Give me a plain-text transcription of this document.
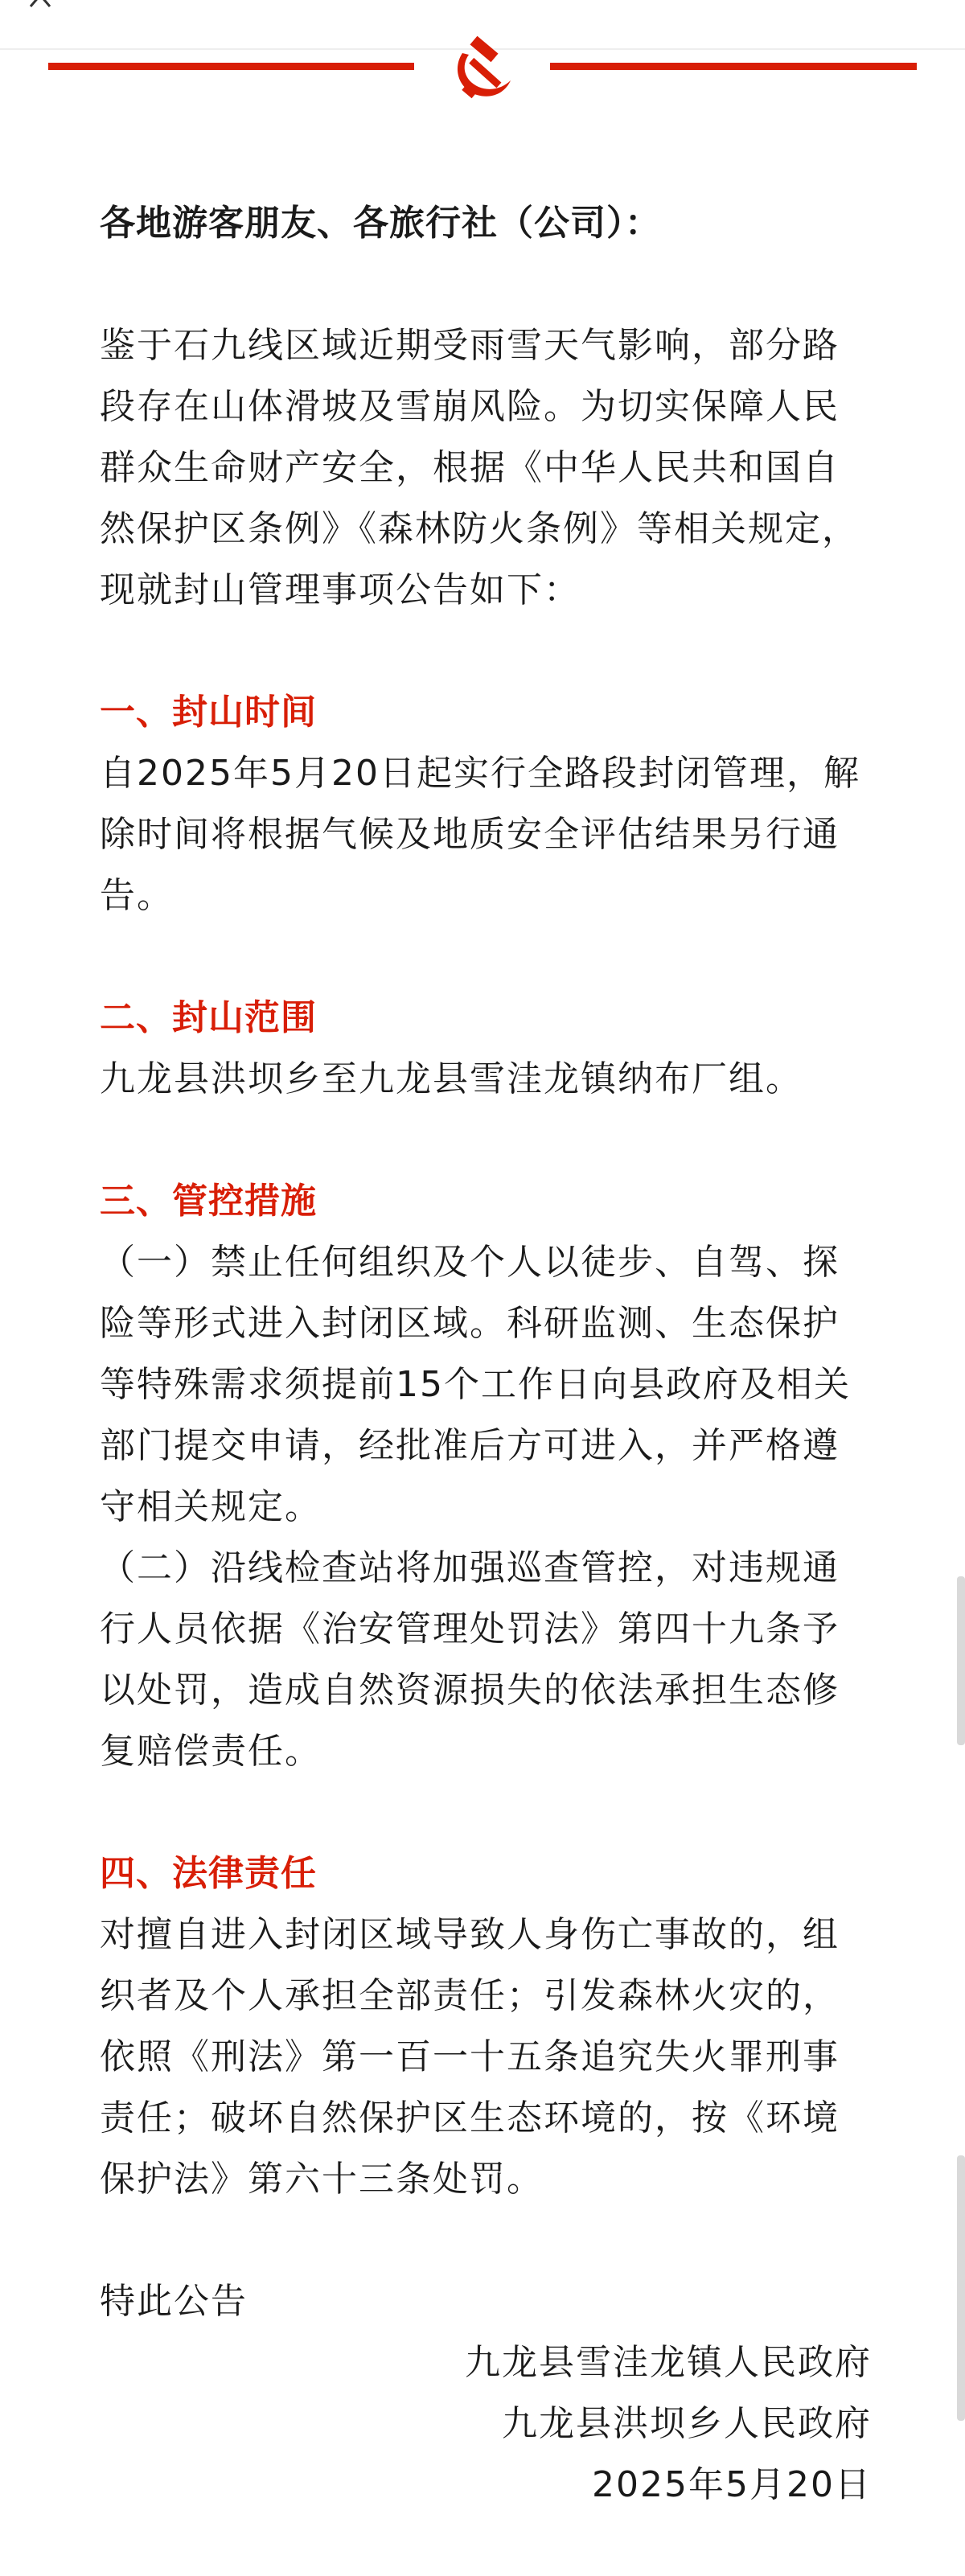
各地游客朋友、各旅行社（公司）：

鉴于石九线区域近期受雨雪天气影响，部分路段存在山体滑坡及雪崩风险。为切实保障人民群众生命财产安全，根据《中华人民共和国自然保护区条例》《森林防火条例》等相关规定，现就封山管理事项公告如下：

一、封山时间

自2025年5月20日起实行全路段封闭管理，解除时间将根据气候及地质安全评估结果另行通告。

二、封山范围

九龙县洪坝乡至九龙县雪洼龙镇纳布厂组。

三、管控措施

（一）禁止任何组织及个人以徒步、自驾、探险等形式进入封闭区域。科研监测、生态保护等特殊需求须提前15个工作日向县政府及相关部门提交申请，经批准后方可进入，并严格遵守相关规定。

（二）沿线检查站将加强巡查管控，对违规通行人员依据《治安管理处罚法》第四十九条予以处罚，造成自然资源损失的依法承担生态修复赔偿责任。

四、法律责任

对擅自进入封闭区域导致人身伤亡事故的，组织者及个人承担全部责任；引发森林火灾的，依照《刑法》第一百一十五条追究失火罪刑事责任；破坏自然保护区生态环境的，按《环境保护法》第六十三条处罚。

特此公告

九龙县雪洼龙镇人民政府

九龙县洪坝乡人民政府

2025年5月20日
